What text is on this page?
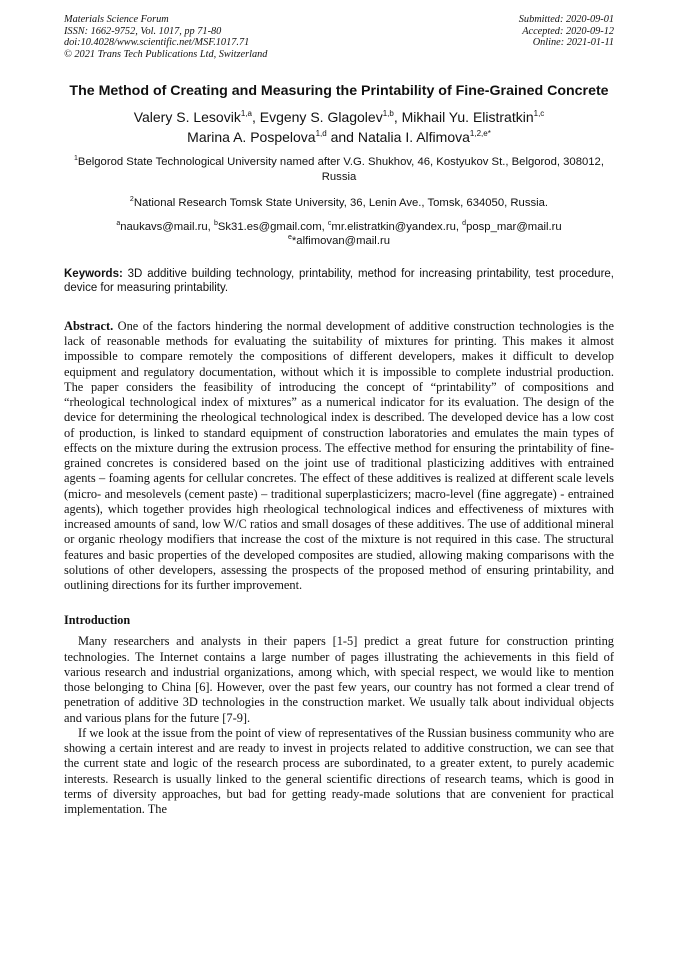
Materials Science Forum
ISSN: 1662-9752, Vol. 1017, pp 71-80
doi:10.4028/www.scientific.net/MSF.1017.71
© 2021 Trans Tech Publications Ltd, Switzerland
Submitted: 2020-09-01
Accepted: 2020-09-12
Online: 2021-01-11
The Method of Creating and Measuring the Printability of Fine-Grained Concrete
Valery S. Lesovik$^{1,a}$, Evgeny S. Glagolev$^{1,b}$, Mikhail Yu. Elistratkin$^{1,c}$
Marina A. Pospelova$^{1,d}$ and Natalia I. Alfimova$^{1,2,e*}$
$^1$Belgorod State Technological University named after V.G. Shukhov, 46, Kostyukov St., Belgorod, 308012, Russia
$^2$National Research Tomsk State University, 36, Lenin Ave., Tomsk, 634050, Russia.
$^a$naukavs@mail.ru, $^b$Sk31.es@gmail.com, $^c$mr.elistratkin@yandex.ru, $^d$posp_mar@mail.ru
$^e$*alfimovan@mail.ru
Keywords: 3D additive building technology, printability, method for increasing printability, test procedure, device for measuring printability.
Abstract. One of the factors hindering the normal development of additive construction technologies is the lack of reasonable methods for evaluating the suitability of mixtures for printing. This makes it almost impossible to compare remotely the compositions of different developers, makes it difficult to develop equipment and regulatory documentation, without which it is impossible to complete industrial production. The paper considers the feasibility of introducing the concept of “printability” of compositions and “rheological technological index of mixtures” as a numerical indicator for its evaluation. The design of the device for determining the rheological technological index is described. The developed device has a low cost of production, is linked to standard equipment of construction laboratories and emulates the main types of effects on the mixture during the extrusion process. The effective method for ensuring the printability of fine-grained concretes is considered based on the joint use of traditional plasticizing additives with entrained agents – foaming agents for cellular concretes. The effect of these additives is realized at different scale levels (micro- and mesolevels (cement paste) – traditional superplasticizers; macro-level (fine aggregate) - entrained agents), which together provides high rheological technological indices and effectiveness of mixtures with increased amounts of sand, low W/C ratios and small dosages of these additives. The use of additional mineral or organic rheology modifiers that increase the cost of the mixture is not required in this case. The structural features and basic properties of the developed composites are studied, allowing making comparisons with the solutions of other developers, assessing the prospects of the proposed method of ensuring printability, and outlining directions for its further improvement.
Introduction
Many researchers and analysts in their papers [1-5] predict a great future for construction printing technologies. The Internet contains a large number of pages illustrating the achievements in this field of various research and industrial organizations, among which, with special respect, we would like to mention those belonging to China [6]. However, over the past few years, our country has not formed a clear trend of penetration of additive 3D technologies in the construction market. We usually talk about individual objects and various plans for the future [7-9].
If we look at the issue from the point of view of representatives of the Russian business community who are showing a certain interest and are ready to invest in projects related to additive construction, we can see that the current state and logic of the research process are subordinated, to a greater extent, to purely academic interests. Research is usually linked to the general scientific directions of research teams, which is good in terms of diversity approaches, but bad for getting ready-made solutions that are convenient for practical implementation. The
